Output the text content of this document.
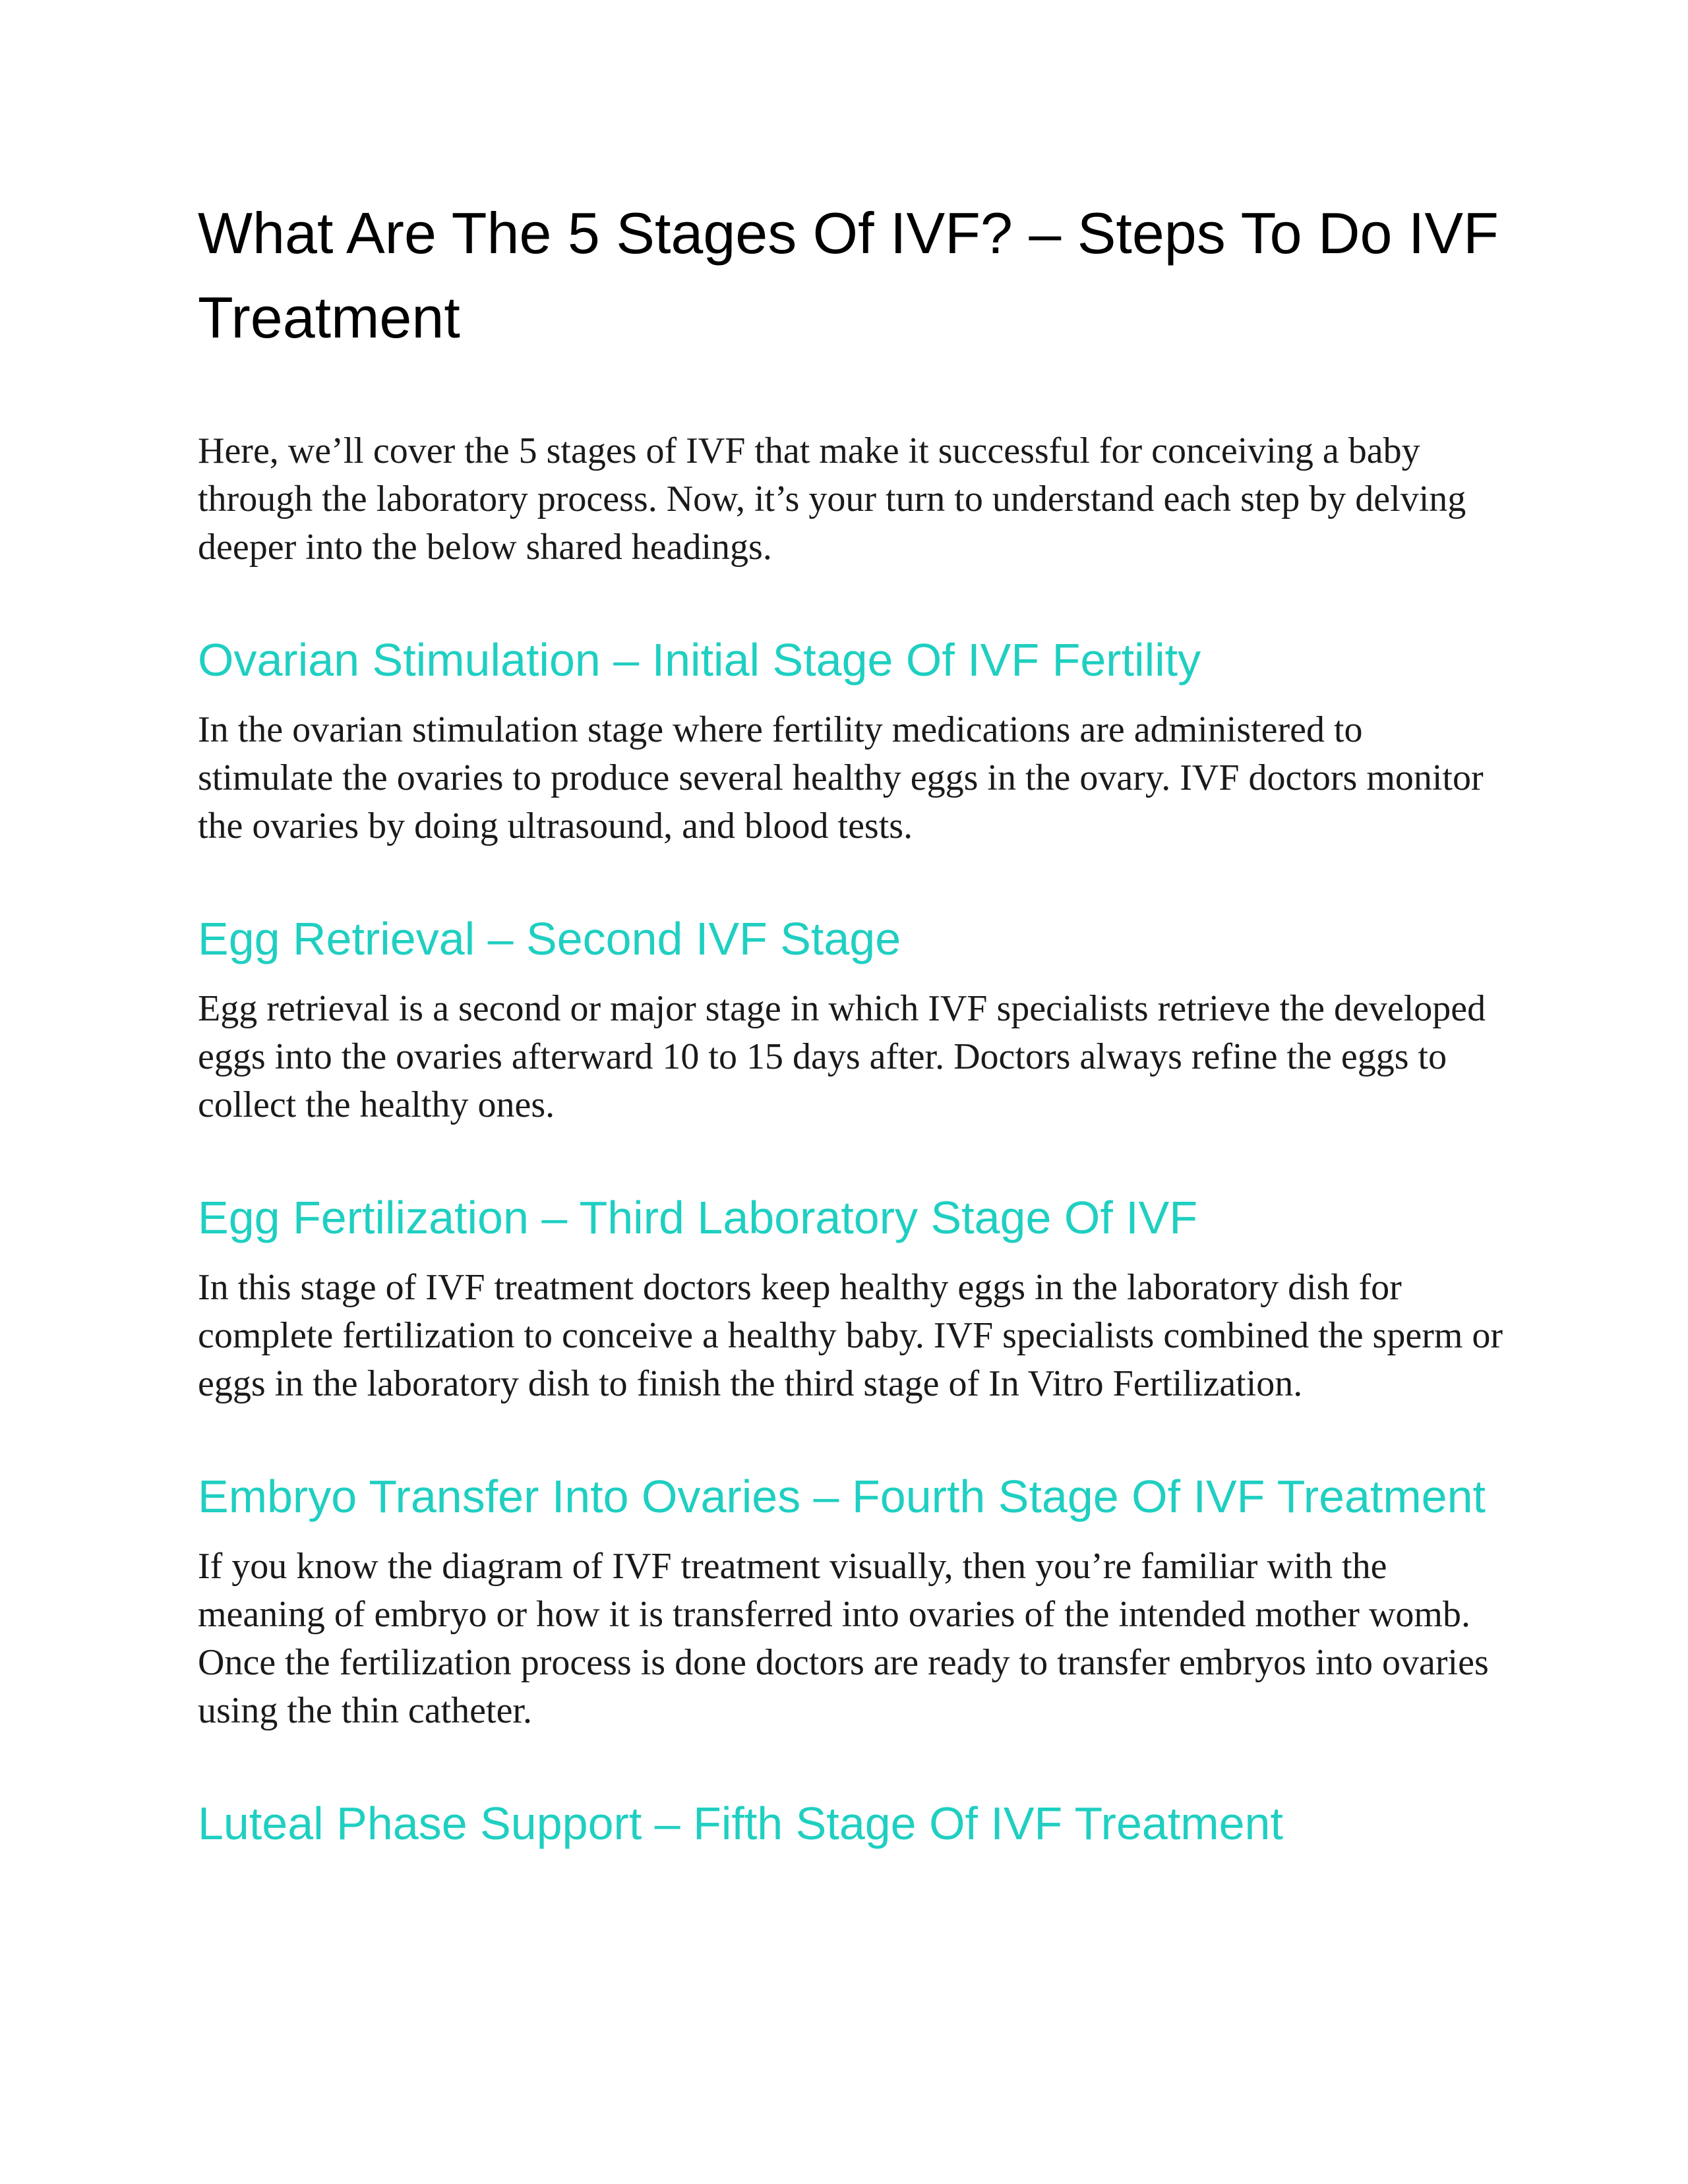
What Are The 5 Stages Of IVF? – Steps To Do IVF Treatment

Here, we’ll cover the 5 stages of IVF that make it successful for conceiving a baby through the laboratory process. Now, it’s your turn to understand each step by delving deeper into the below shared headings.

Ovarian Stimulation – Initial Stage Of IVF Fertility

In the ovarian stimulation stage where fertility medications are administered to stimulate the ovaries to produce several healthy eggs in the ovary. IVF doctors monitor the ovaries by doing ultrasound, and blood tests.

Egg Retrieval – Second IVF Stage

Egg retrieval is a second or major stage in which IVF specialists retrieve the developed eggs into the ovaries afterward 10 to 15 days after. Doctors always refine the eggs to collect the healthy ones.

Egg Fertilization – Third Laboratory Stage Of IVF

In this stage of IVF treatment doctors keep healthy eggs in the laboratory dish for complete fertilization to conceive a healthy baby. IVF specialists combined the sperm or eggs in the laboratory dish to finish the third stage of In Vitro Fertilization.

Embryo Transfer Into Ovaries – Fourth Stage Of IVF Treatment

If you know the diagram of IVF treatment visually, then you’re familiar with the meaning of embryo or how it is transferred into ovaries of the intended mother womb. Once the fertilization process is done doctors are ready to transfer embryos into ovaries using the thin catheter.

Luteal Phase Support – Fifth Stage Of IVF Treatment
